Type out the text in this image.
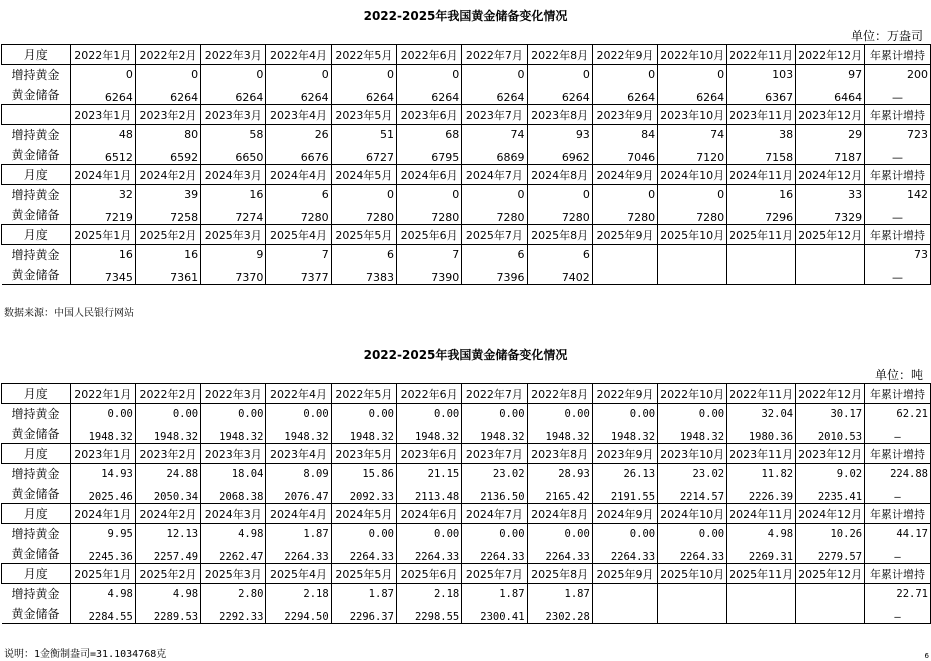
2022-2025年我国黄金储备变化情况
单位：万盎司
月度	2022年1月	2022年2月	2022年3月	2022年4月	2022年5月	2022年6月	2022年7月	2022年8月	2022年9月	2022年10月	2022年11月	2022年12月	年累计增持
增持黄金	0	0	0	0	0	0	0	0	0	0	103	97	200
黄金储备	6264	6264	6264	6264	6264	6264	6264	6264	6264	6264	6367	6464	—
	2023年1月	2023年2月	2023年3月	2023年4月	2023年5月	2023年6月	2023年7月	2023年8月	2023年9月	2023年10月	2023年11月	2023年12月	年累计增持
增持黄金	48	80	58	26	51	68	74	93	84	74	38	29	723
黄金储备	6512	6592	6650	6676	6727	6795	6869	6962	7046	7120	7158	7187	—
月度	2024年1月	2024年2月	2024年3月	2024年4月	2024年5月	2024年6月	2024年7月	2024年8月	2024年9月	2024年10月	2024年11月	2024年12月	年累计增持
增持黄金	32	39	16	6	0	0	0	0	0	0	16	33	142
黄金储备	7219	7258	7274	7280	7280	7280	7280	7280	7280	7280	7296	7329	—
月度	2025年1月	2025年2月	2025年3月	2025年4月	2025年5月	2025年6月	2025年7月	2025年8月	2025年9月	2025年10月	2025年11月	2025年12月	年累计增持
增持黄金	16	16	9	7	6	7	6	6					73
黄金储备	7345	7361	7370	7377	7383	7390	7396	7402					—
数据来源：中国人民银行网站
2022-2025年我国黄金储备变化情况
单位：吨
月度	2022年1月	2022年2月	2022年3月	2022年4月	2022年5月	2022年6月	2022年7月	2022年8月	2022年9月	2022年10月	2022年11月	2022年12月	年累计增持
增持黄金	0.00	0.00	0.00	0.00	0.00	0.00	0.00	0.00	0.00	0.00	32.04	30.17	62.21
黄金储备	1948.32	1948.32	1948.32	1948.32	1948.32	1948.32	1948.32	1948.32	1948.32	1948.32	1980.36	2010.53	—
月度	2023年1月	2023年2月	2023年3月	2023年4月	2023年5月	2023年6月	2023年7月	2023年8月	2023年9月	2023年10月	2023年11月	2023年12月	年累计增持
增持黄金	14.93	24.88	18.04	8.09	15.86	21.15	23.02	28.93	26.13	23.02	11.82	9.02	224.88
黄金储备	2025.46	2050.34	2068.38	2076.47	2092.33	2113.48	2136.50	2165.42	2191.55	2214.57	2226.39	2235.41	—
月度	2024年1月	2024年2月	2024年3月	2024年4月	2024年5月	2024年6月	2024年7月	2024年8月	2024年9月	2024年10月	2024年11月	2024年12月	年累计增持
增持黄金	9.95	12.13	4.98	1.87	0.00	0.00	0.00	0.00	0.00	0.00	4.98	10.26	44.17
黄金储备	2245.36	2257.49	2262.47	2264.33	2264.33	2264.33	2264.33	2264.33	2264.33	2264.33	2269.31	2279.57	—
月度	2025年1月	2025年2月	2025年3月	2025年4月	2025年5月	2025年6月	2025年7月	2025年8月	2025年9月	2025年10月	2025年11月	2025年12月	年累计增持
增持黄金	4.98	4.98	2.80	2.18	1.87	2.18	1.87	1.87					22.71
黄金储备	2284.55	2289.53	2292.33	2294.50	2296.37	2298.55	2300.41	2302.28					—
说明：1金衡制盎司=31.1034768克	6
